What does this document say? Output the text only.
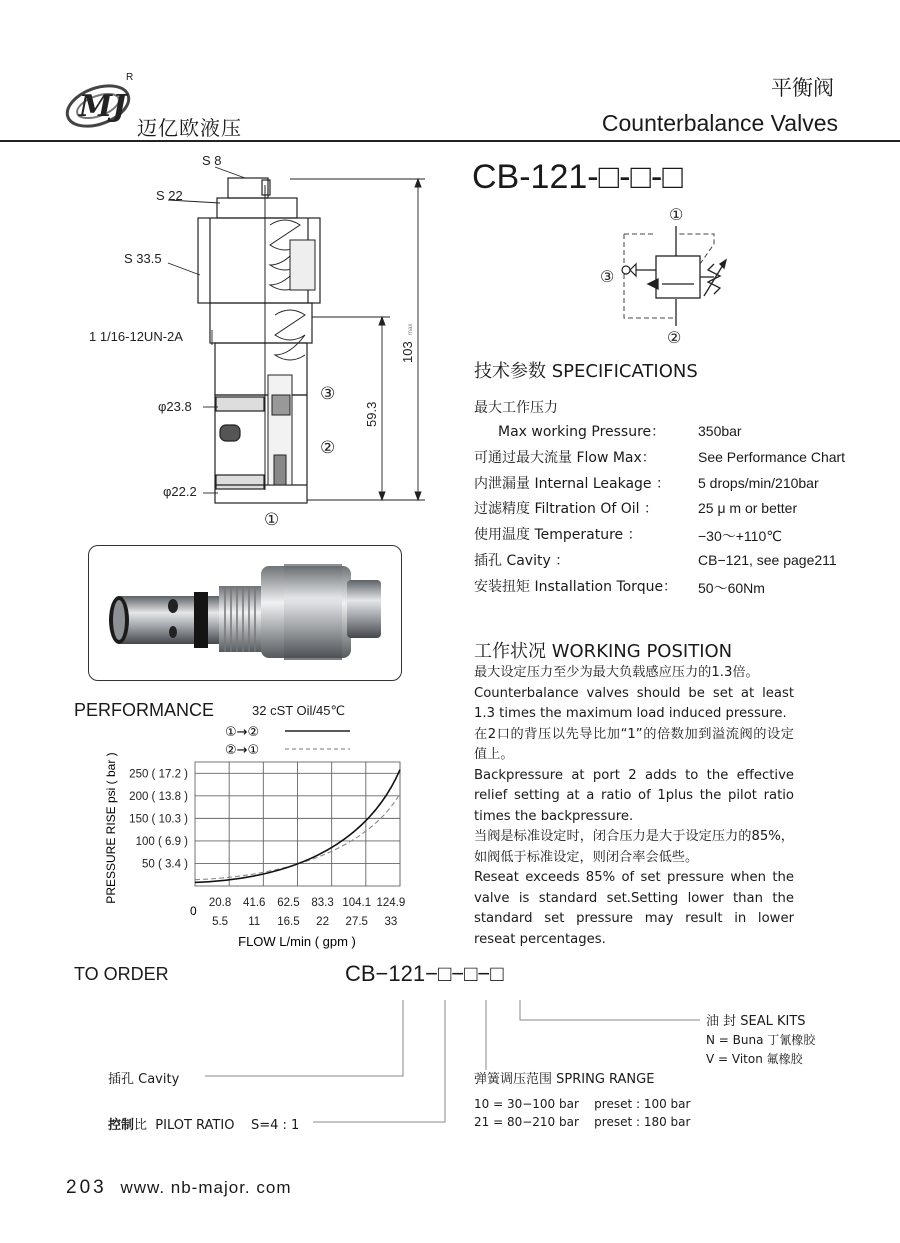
MJ
R
迈亿欧液压
平衡阀
Counterbalance Valves
S 8
S 22
S 33.5
1 1/16-12UN-2A
φ23.8
φ22.2
③
②
①
59.3
103
max
CB-121-□-□-□
①
③
②
技术参数 SPECIFICATIONS
最大工作压力
Max working Pressure： 350bar
可通过最大流量 Flow Max：	See Performance Chart
内泄漏量 Internal Leakage ： 5 drops/min/210bar
过滤精度 Filtration Of Oil ：	25 μ m or better
使用温度 Temperature ：	−30～+110℃
插孔 Cavity ：	CB−121, see page211
安装扭矩 Installation Torque： 50～60Nm
工作状况 WORKING POSITION

最大设定压力至少为最大负载感应压力的1.3倍。

Counterbalance valves should be set at least 1.3 times the maximum load induced pressure.

在2口的背压以先导比加“1”的倍数加到溢流阀的设定值上。

Backpressure at port 2 adds to the effective relief setting at a ratio of 1plus the pilot ratio times the backpressure.

当阀是标准设定时，闭合压力是大于设定压力的85%，如阀低于标准设定，则闭合率会低些。

Reseat exceeds 85% of set pressure when the valve is standard set.Setting lower than the standard set pressure may result in lower reseat percentages.

PERFORMANCE	32 cST Oil/45℃
①→②
②→①
250 ( 17.2 )
200 ( 13.8 )
150 ( 10.3 )
100 ( 6.9 )
50 ( 3.4 )
20.8 41.6 62.5 83.3 104.1 124.9
5.5 11 16.5 22 27.5 33
0
FLOW L/min ( gpm )
PRESSURE RISE psi ( bar )
TO ORDER	CB−121−□−□−□
油 封 SEAL KITS
N = Buna 丁氰橡胶
V = Viton 氟橡胶
插孔 Cavity	弹簧调压范围 SPRING RANGE
10 = 30−100 bar    preset : 100 bar
21 = 80−210 bar    preset : 180 bar
控制比  PILOT RATIO    S=4 : 1
203 www. nb-major. com
